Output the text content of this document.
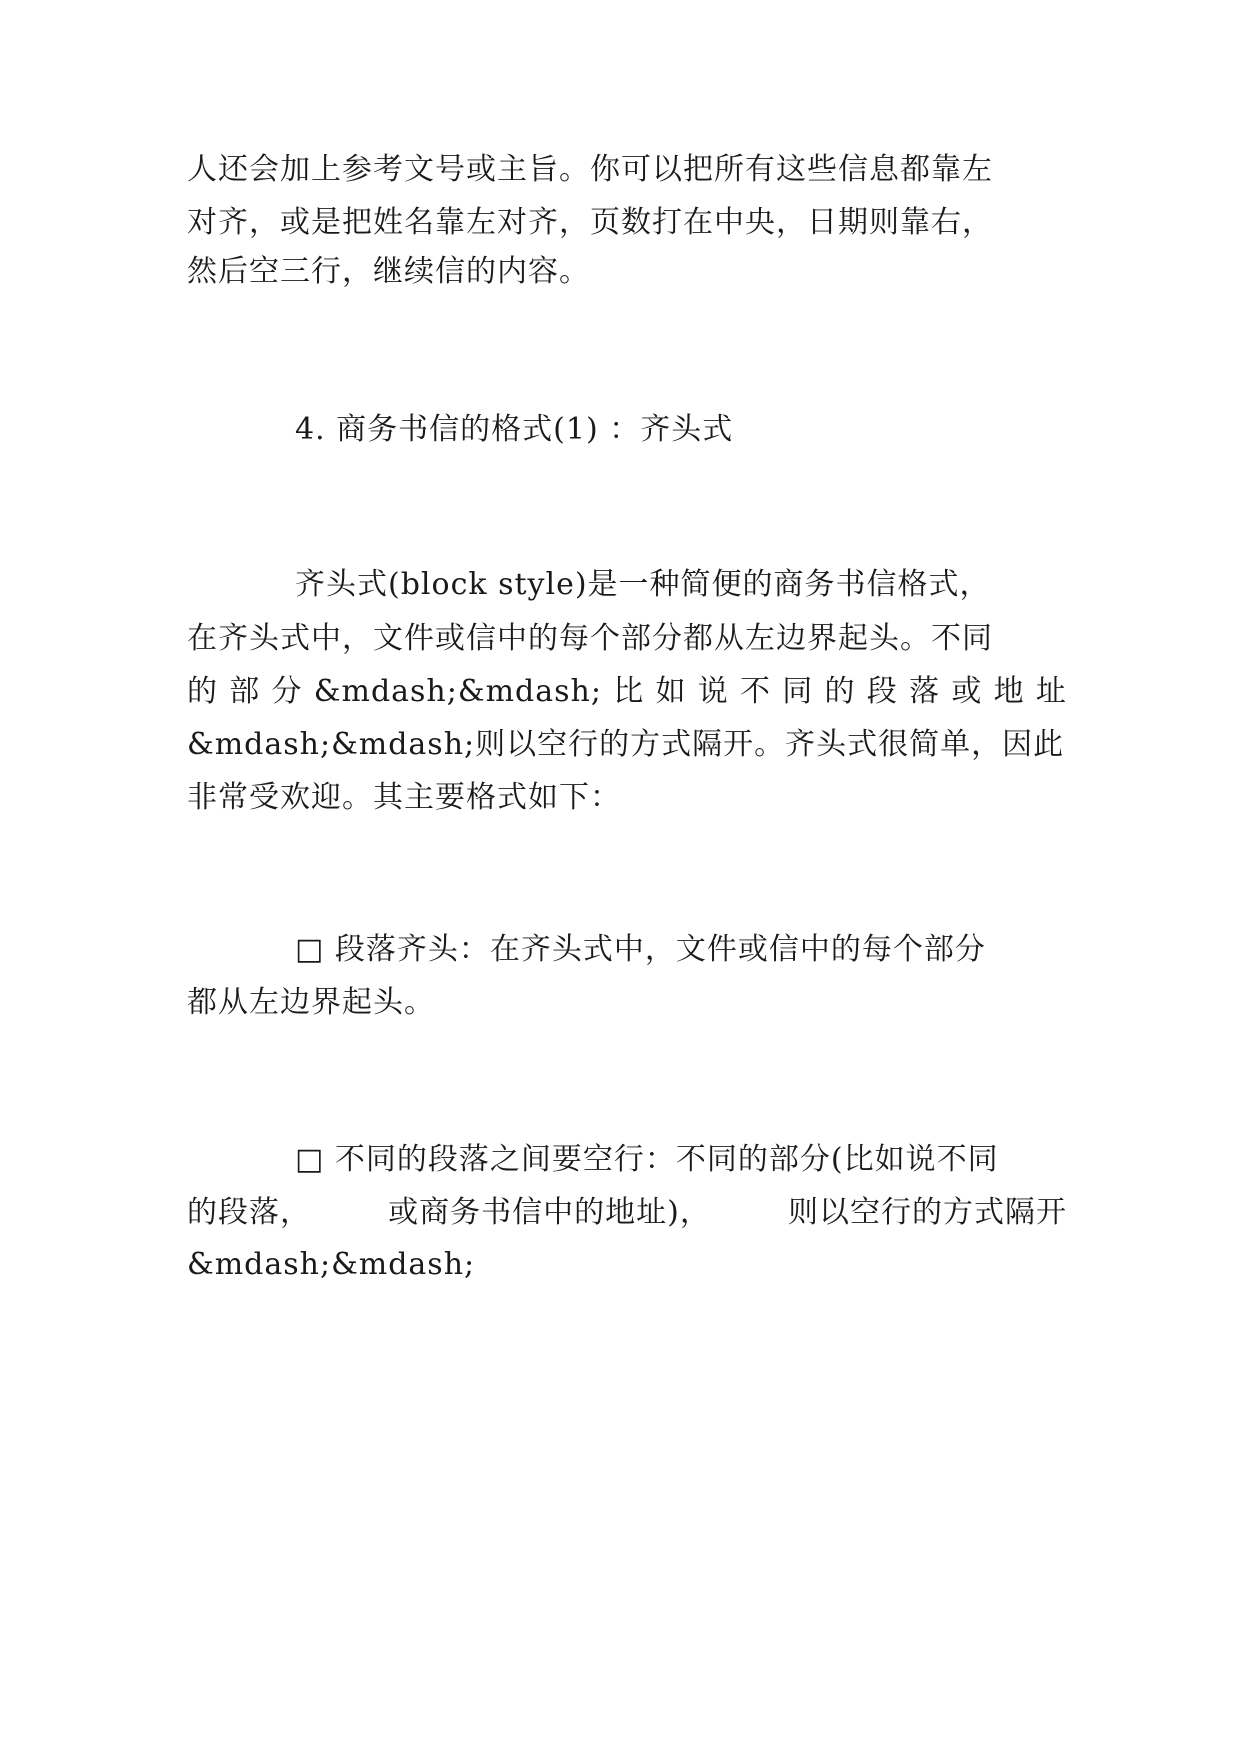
人还会加上参考文号或主旨。你可以把所有这些信息都靠左
对齐，或是把姓名靠左对齐，页数打在中央，日期则靠右，
然后空三行，继续信的内容。
4. 商务书信的格式(1) ：齐头式
齐头式(block style)是一种简便的商务书信格式，
在齐头式中，文件或信中的每个部分都从左边界起头。不同
的 部 分 &mdash;&mdash; 比 如 说 不 同 的 段 落 或 地 址
&mdash;&mdash;则以空行的方式隔开。齐头式很简单，因此
非常受欢迎。其主要格式如下：
□ 段落齐头：在齐头式中，文件或信中的每个部分
都从左边界起头。
□ 不同的段落之间要空行：不同的部分(比如说不同
的段落，	或商务书信中的地址)，	则以空行的方式隔开
&mdash;&mdash;
